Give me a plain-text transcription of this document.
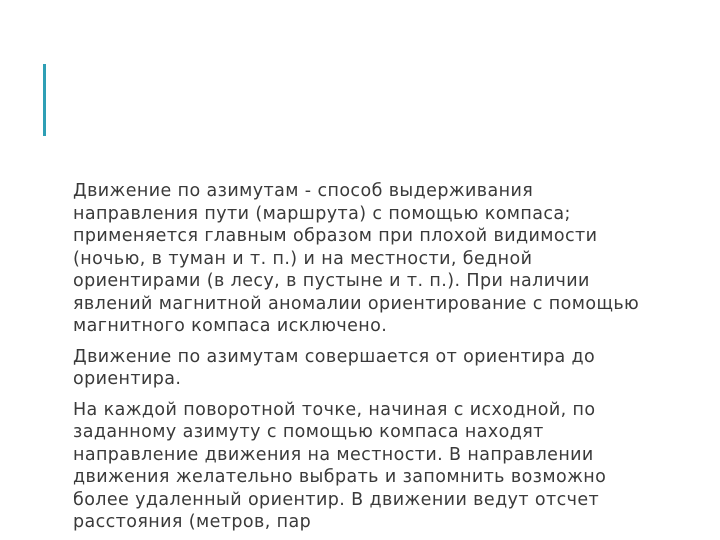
Движение по азимутам - способ выдерживания направления пути (маршрута) с помощью компаса; применяется главным образом при плохой видимости (ночью, в туман и т. п.) и на местности, бедной ориентирами (в лесу, в пустыне и т. п.). При наличии явлений магнитной аномалии ориентирование с помощью магнитного компаса исключено.

Движение по азимутам совершается от ориентира до ориентира.

На каждой поворотной точке, начиная с исходной, по заданному азимуту с помощью компаса находят направление движения на местности. В направлении движения желательно выбрать и запомнить возможно более удаленный ориентир. В движении ведут отсчет расстояния (метров, пар
